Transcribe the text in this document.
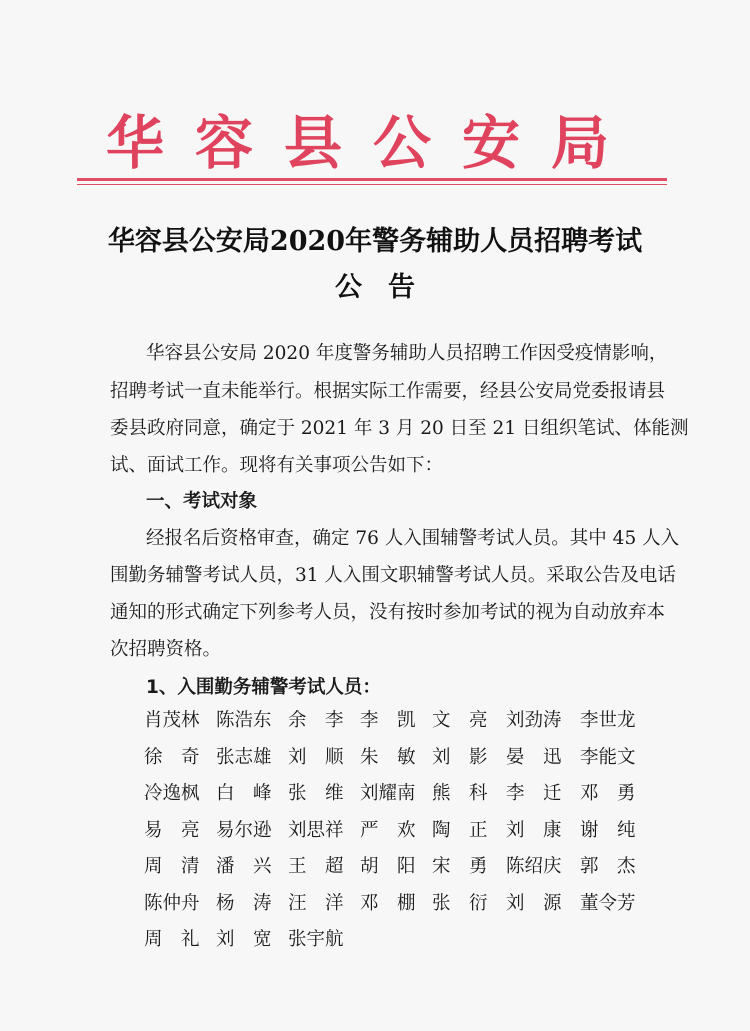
华容县公安局
华容县公安局2020年警务辅助人员招聘考试
公告
华容县公安局 2020 年度警务辅助人员招聘工作因受疫情影响，
招聘考试一直未能举行。根据实际工作需要，经县公安局党委报请县
委县政府同意，确定于 2021 年 3 月 20 日至 21 日组织笔试、体能测
试、面试工作。现将有关事项公告如下：
一、考试对象
经报名后资格审查，确定 76 人入围辅警考试人员。其中 45 人入
围勤务辅警考试人员，31 人入围文职辅警考试人员。采取公告及电话
通知的形式确定下列参考人员，没有按时参加考试的视为自动放弃本
次招聘资格。
1、入围勤务辅警考试人员：
肖茂林 陈浩东 余　李 李　凯 文　亮 刘劲涛 李世龙
徐　奇 张志雄 刘　顺 朱　敏 刘　影 晏　迅 李能文
冷逸枫 白　峰 张　维 刘耀南 熊　科 李　迁 邓　勇
易　亮 易尔逊 刘思祥 严　欢 陶　正 刘　康 谢　纯
周　清 潘　兴 王　超 胡　阳 宋　勇 陈绍庆 郭　杰
陈仲舟 杨　涛 汪　洋 邓　棚 张　衍 刘　源 董令芳
周　礼 刘　宽 张宇航
